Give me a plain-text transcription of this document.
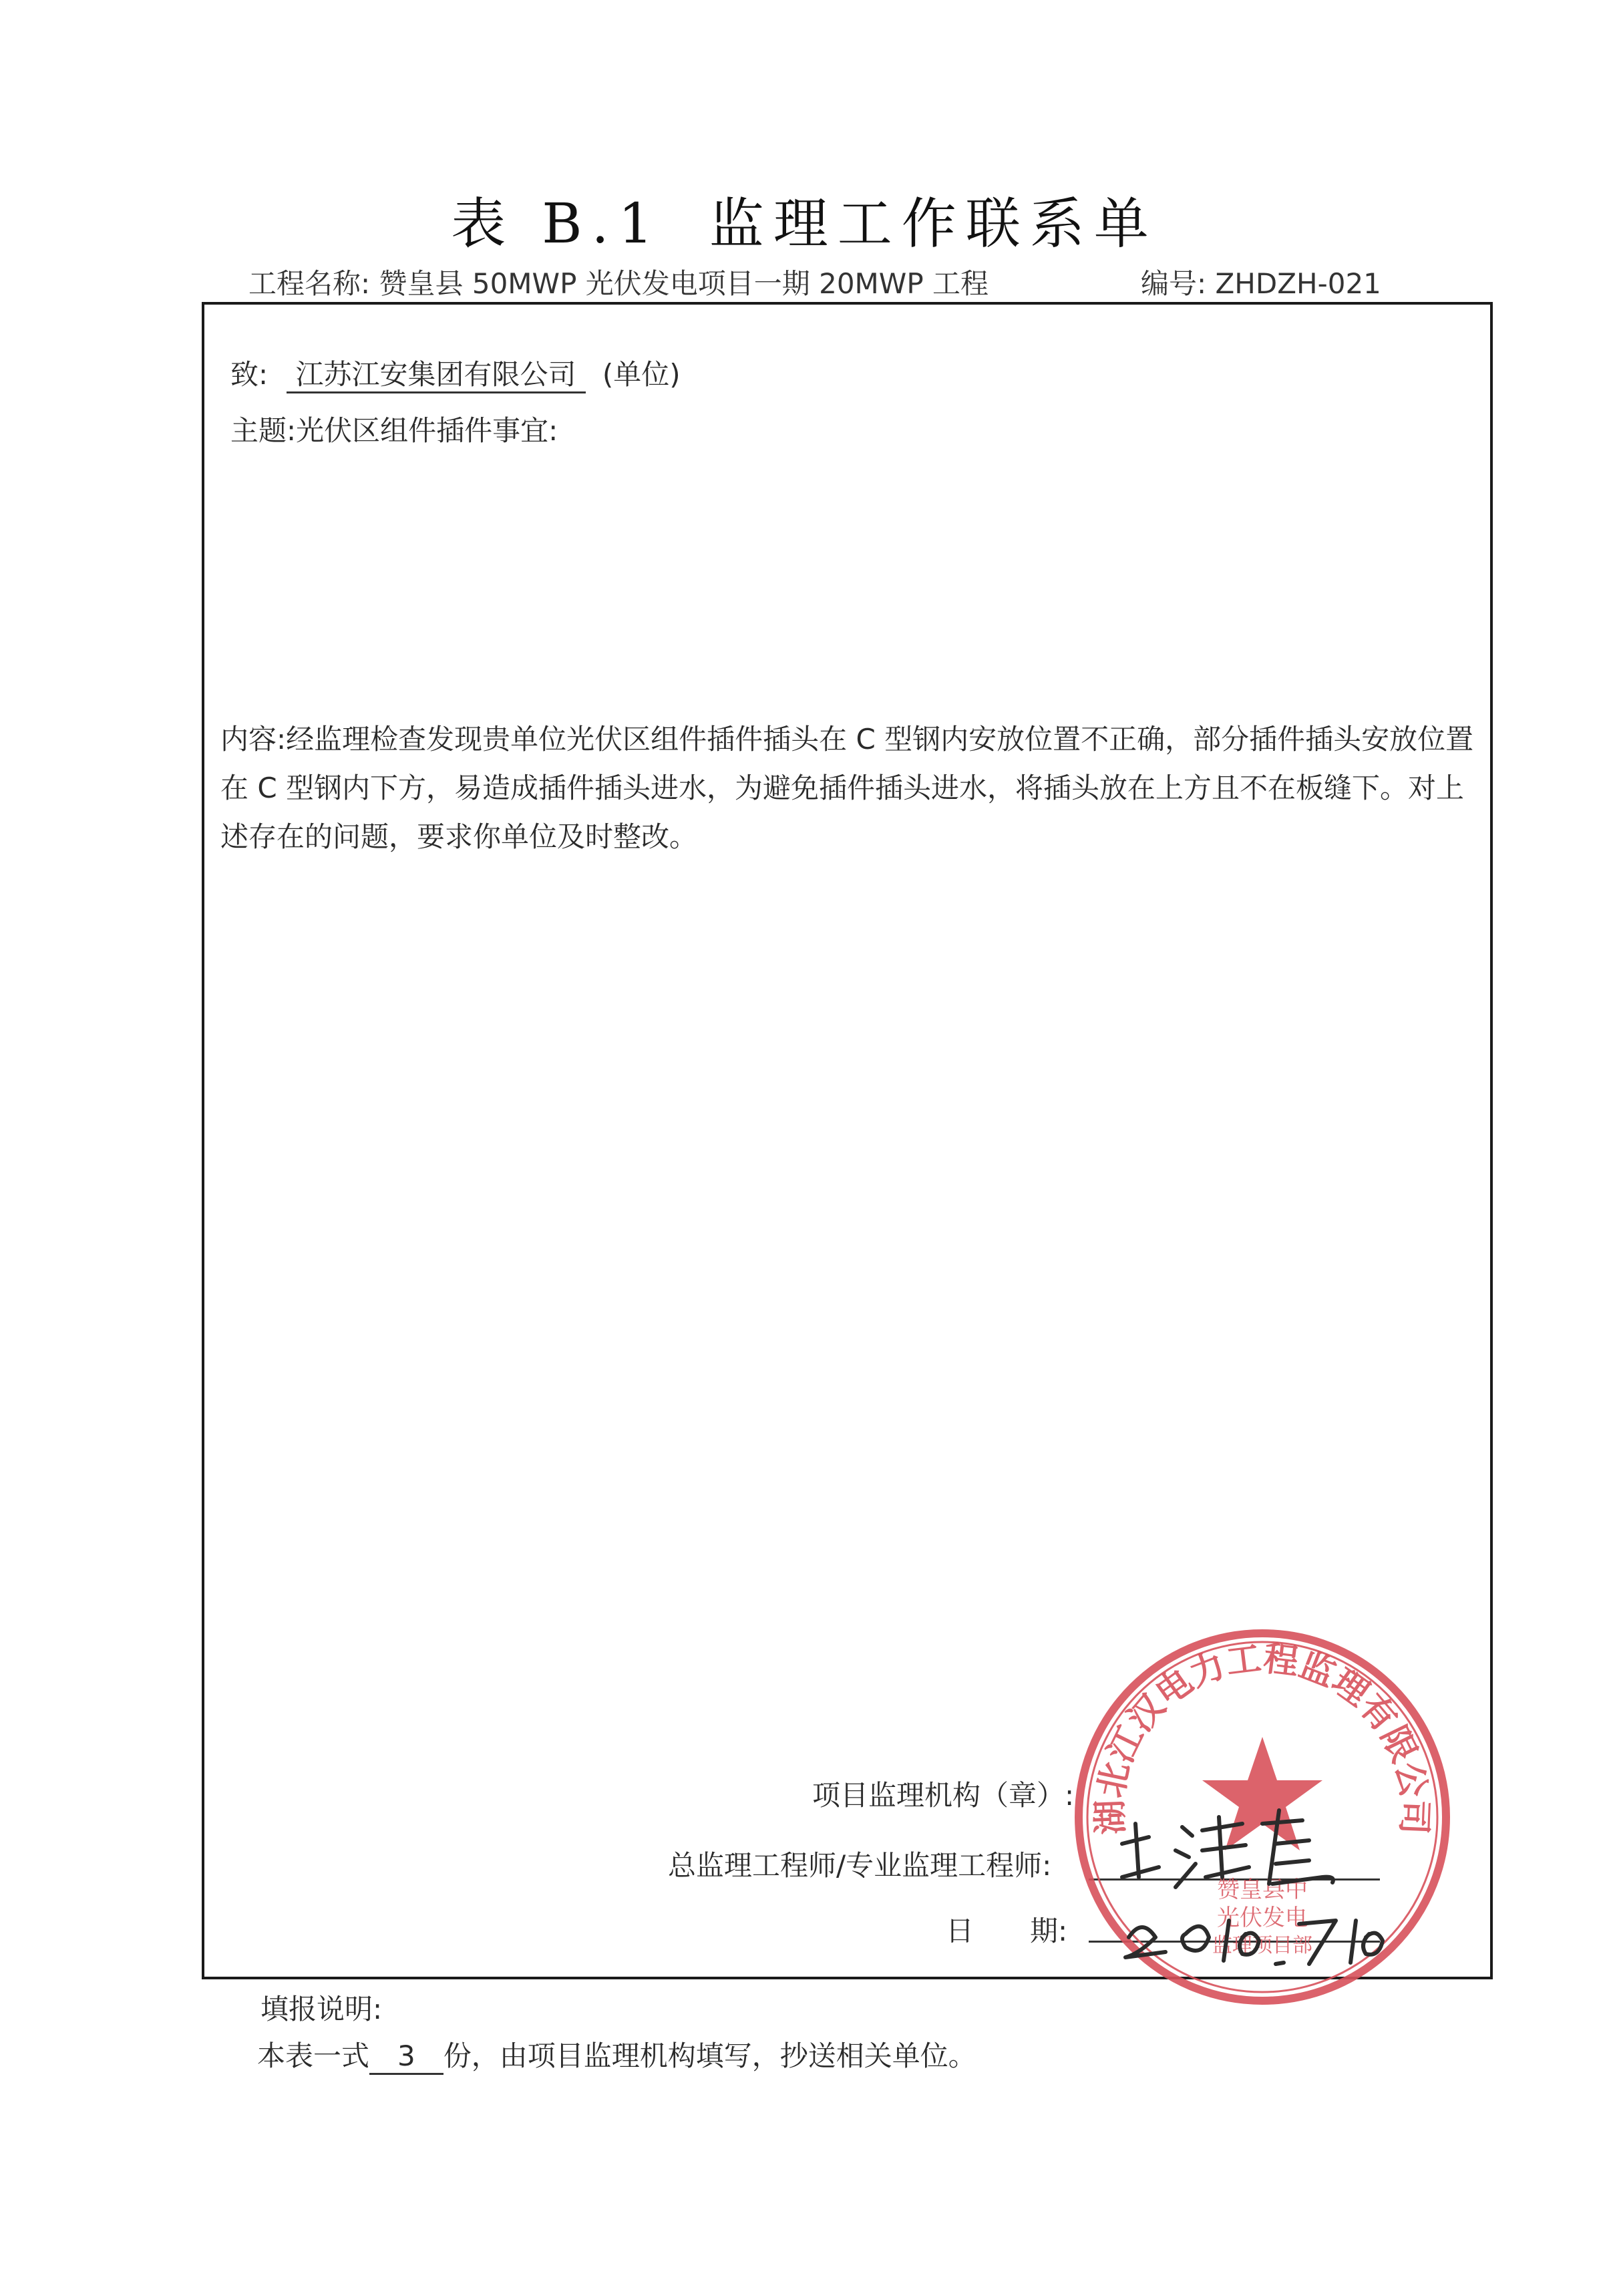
表 B.1 监理工作联系单
工程名称: 赞皇县 50MWP 光伏发电项目一期 20MWP 工程	编号: ZHDZH-021
致: 江苏江安集团有限公司 (单位)
主题:光伏区组件插件事宜:
内容:经监理检查发现贵单位光伏区组件插件插头在 C 型钢内安放位置不正确，部分插件插头安放位置在 C 型钢内下方，易造成插件插头进水，为避免插件插头进水，将插头放在上方且不在板缝下。对上述存在的问题，要求你单位及时整改。
项目监理机构（章）:
总监理工程师/专业监理工程师:
日　　期:
湖北江汉电力工程监理有限公司
赞皇县中
光伏发电
监理项目部
填报说明:
本表一式 3 份，由项目监理机构填写，抄送相关单位。
